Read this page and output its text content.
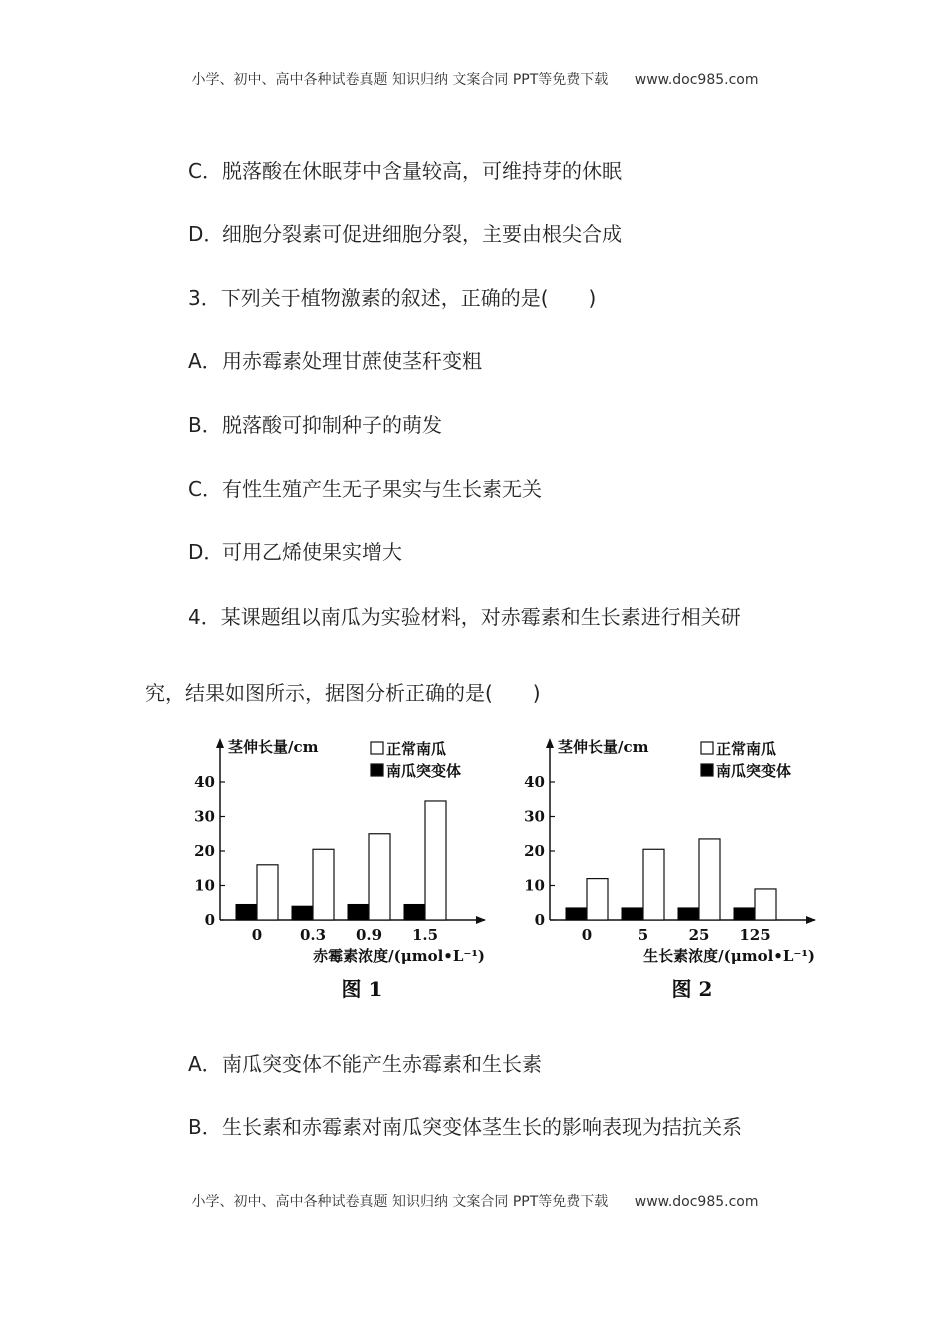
小学、初中、高中各种试卷真题 知识归纳 文案合同 PPT等免费下载 www.doc985.com
C．脱落酸在休眠芽中含量较高，可维持芽的休眠
D．细胞分裂素可促进细胞分裂，主要由根尖合成
3．下列关于植物激素的叙述，正确的是(　　)
A．用赤霉素处理甘蔗使茎秆变粗
B．脱落酸可抑制种子的萌发
C．有性生殖产生无子果实与生长素无关
D．可用乙烯使果实增大
4．某课题组以南瓜为实验材料，对赤霉素和生长素进行相关研
究，结果如图所示，据图分析正确的是(　　)
0
10
20
30
40
茎伸长量/cm	正常南瓜
南瓜突变体
0	0.3 0.9 1.5
赤霉素浓度/(μmol•L⁻¹)
图 1
0
10
20
30
40
茎伸长量/cm	正常南瓜
南瓜突变体
0	5	25 125
生长素浓度/(μmol•L⁻¹)
图 2
A．南瓜突变体不能产生赤霉素和生长素
B．生长素和赤霉素对南瓜突变体茎生长的影响表现为拮抗关系
小学、初中、高中各种试卷真题 知识归纳 文案合同 PPT等免费下载 www.doc985.com
